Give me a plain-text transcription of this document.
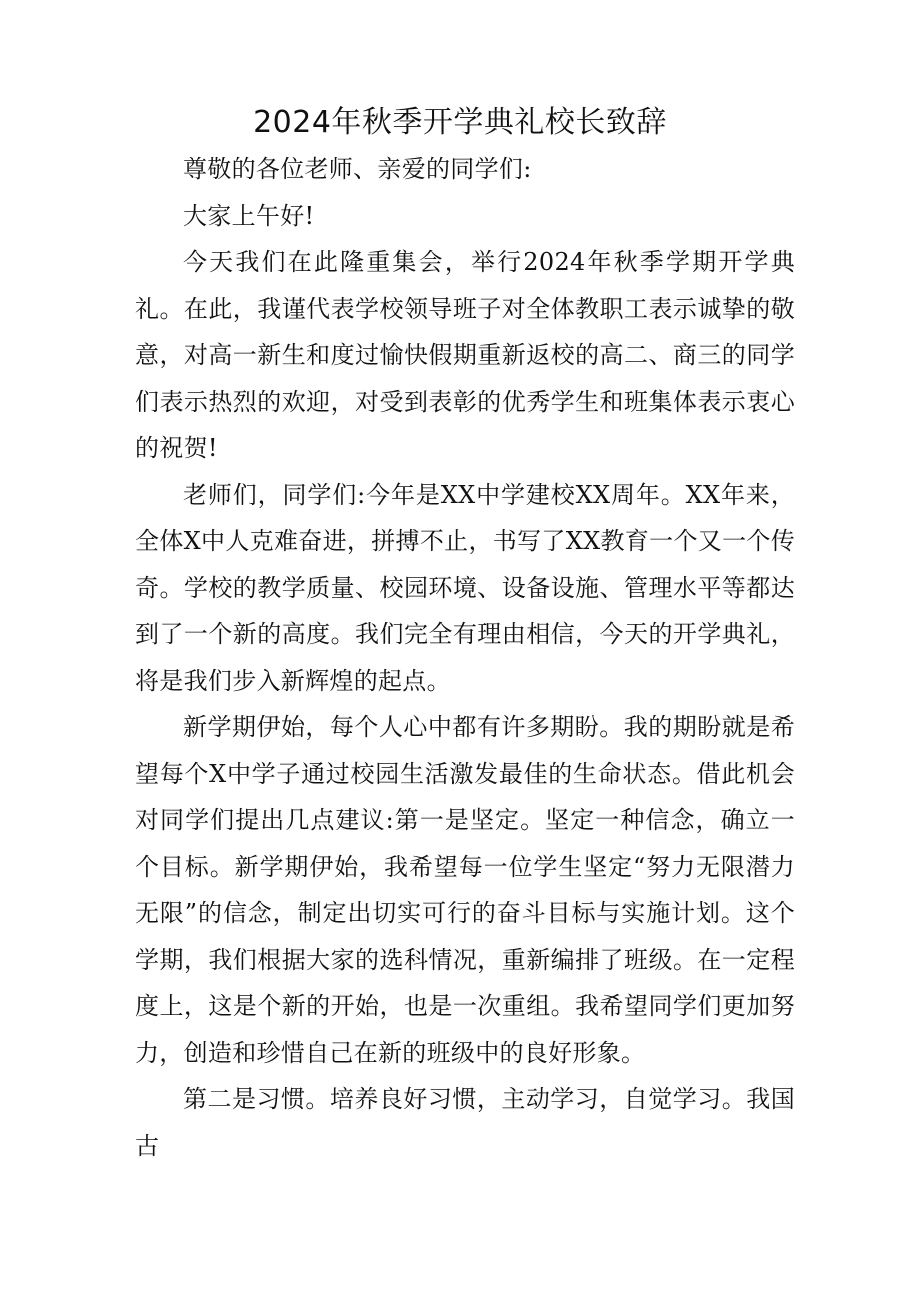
2024年秋季开学典礼校长致辞

尊敬的各位老师、亲爱的同学们:

大家上午好!

今天我们在此隆重集会，举行2024年秋季学期开学典礼。在此，我谨代表学校领导班子对全体教职工表示诚挚的敬意，对高一新生和度过愉快假期重新返校的高二、商三的同学们表示热烈的欢迎，对受到表彰的优秀学生和班集体表示衷心的祝贺!

老师们，同学们:今年是XX中学建校XX周年。XX年来，全体X中人克难奋进，拼搏不止，书写了XX教育一个又一个传奇。学校的教学质量、校园环境、设备设施、管理水平等都达到了一个新的高度。我们完全有理由相信，今天的开学典礼，将是我们步入新辉煌的起点。

新学期伊始，每个人心中都有许多期盼。我的期盼就是希望每个X中学子通过校园生活激发最佳的生命状态。借此机会对同学们提出几点建议:第一是坚定。坚定一种信念，确立一个目标。新学期伊始，我希望每一位学生坚定“努力无限潜力无限”的信念，制定出切实可行的奋斗目标与实施计划。这个学期，我们根据大家的选科情况，重新编排了班级。在一定程度上，这是个新的开始，也是一次重组。我希望同学们更加努力，创造和珍惜自己在新的班级中的良好形象。

第二是习惯。培养良好习惯，主动学习，自觉学习。我国古
